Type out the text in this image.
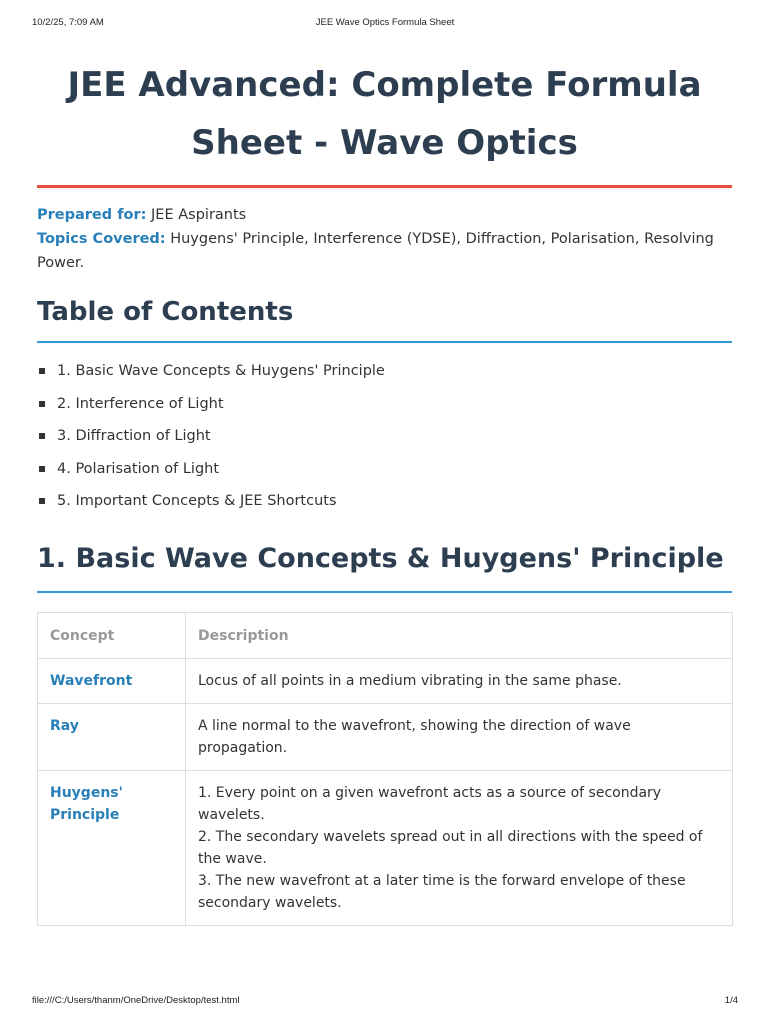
10/2/25, 7:09 AM	JEE Wave Optics Formula Sheet
JEE Advanced: Complete Formula Sheet - Wave Optics
Prepared for: JEE Aspirants
Topics Covered: Huygens' Principle, Interference (YDSE), Diffraction, Polarisation, Resolving Power.
Table of Contents
1. Basic Wave Concepts & Huygens' Principle
2. Interference of Light
3. Diffraction of Light
4. Polarisation of Light
5. Important Concepts & JEE Shortcuts
1. Basic Wave Concepts & Huygens' Principle
Concept	Description
Wavefront	Locus of all points in a medium vibrating in the same phase.

Ray	A line normal to the wavefront, showing the direction of wave propagation.

Huygens' Principle	1. Every point on a given wavefront acts as a source of secondary wavelets.
2. The secondary wavelets spread out in all directions with the speed of the wave.
3. The new wavefront at a later time is the forward envelope of these secondary wavelets.
file:///C:/Users/thanm/OneDrive/Desktop/test.html	1/4
